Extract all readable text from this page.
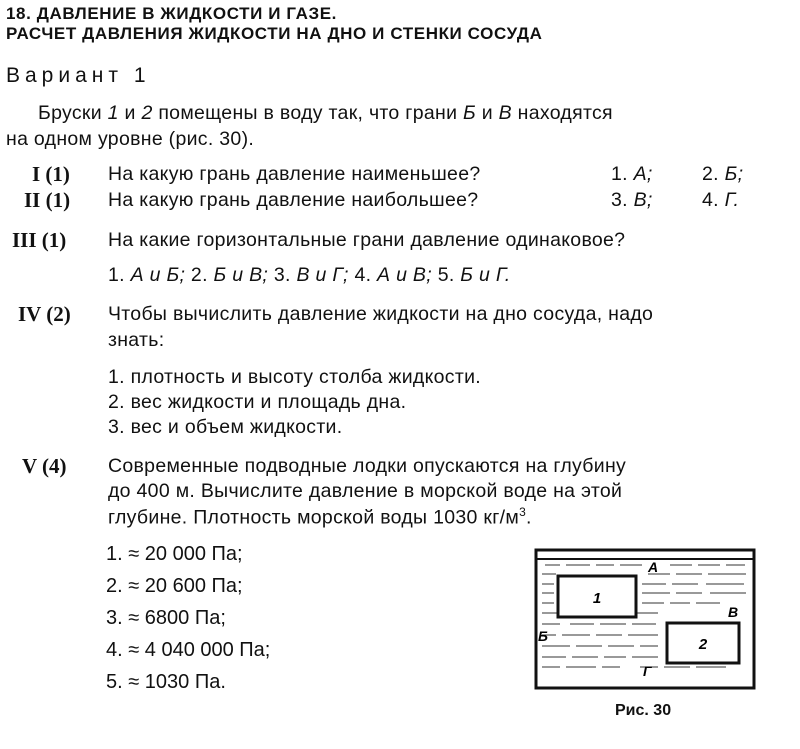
18. ДАВЛЕНИЕ В ЖИДКОСТИ И ГАЗЕ.
РАСЧЕТ ДАВЛЕНИЯ ЖИДКОСТИ НА ДНО И СТЕНКИ СОСУДА
Вариант 1
Бруски 1 и 2 помещены в воду так, что грани Б и В находятся
на одном уровне (рис. 30).
I (1) На какую грань давление наименьшее?	1. А;	2. Б;
II (1) На какую грань давление наибольшее?	3. В;	4. Г.
III (1) На какие горизонтальные грани давление одинаковое?
1. А и Б; 2. Б и В; 3. В и Г; 4. А и В; 5. Б и Г.
IV (2) Чтобы вычислить давление жидкости на дно сосуда, надо
знать:
1. плотность и высоту столба жидкости.
2. вес жидкости и площадь дна.
3. вес и объем жидкости.
V (4) Современные подводные лодки опускаются на глубину
до 400 м. Вычислите давление в морской воде на этой
глубине. Плотность морской воды 1030 $кг/м^3$.
1. ≈ 20 000 Па;
2. ≈ 20 600 Па;
3. ≈ 6800 Па;
4. ≈ 4 040 000 Па;
5. ≈ 1030 Па.
1
2
А
Б
В
Г
Рис. 30
